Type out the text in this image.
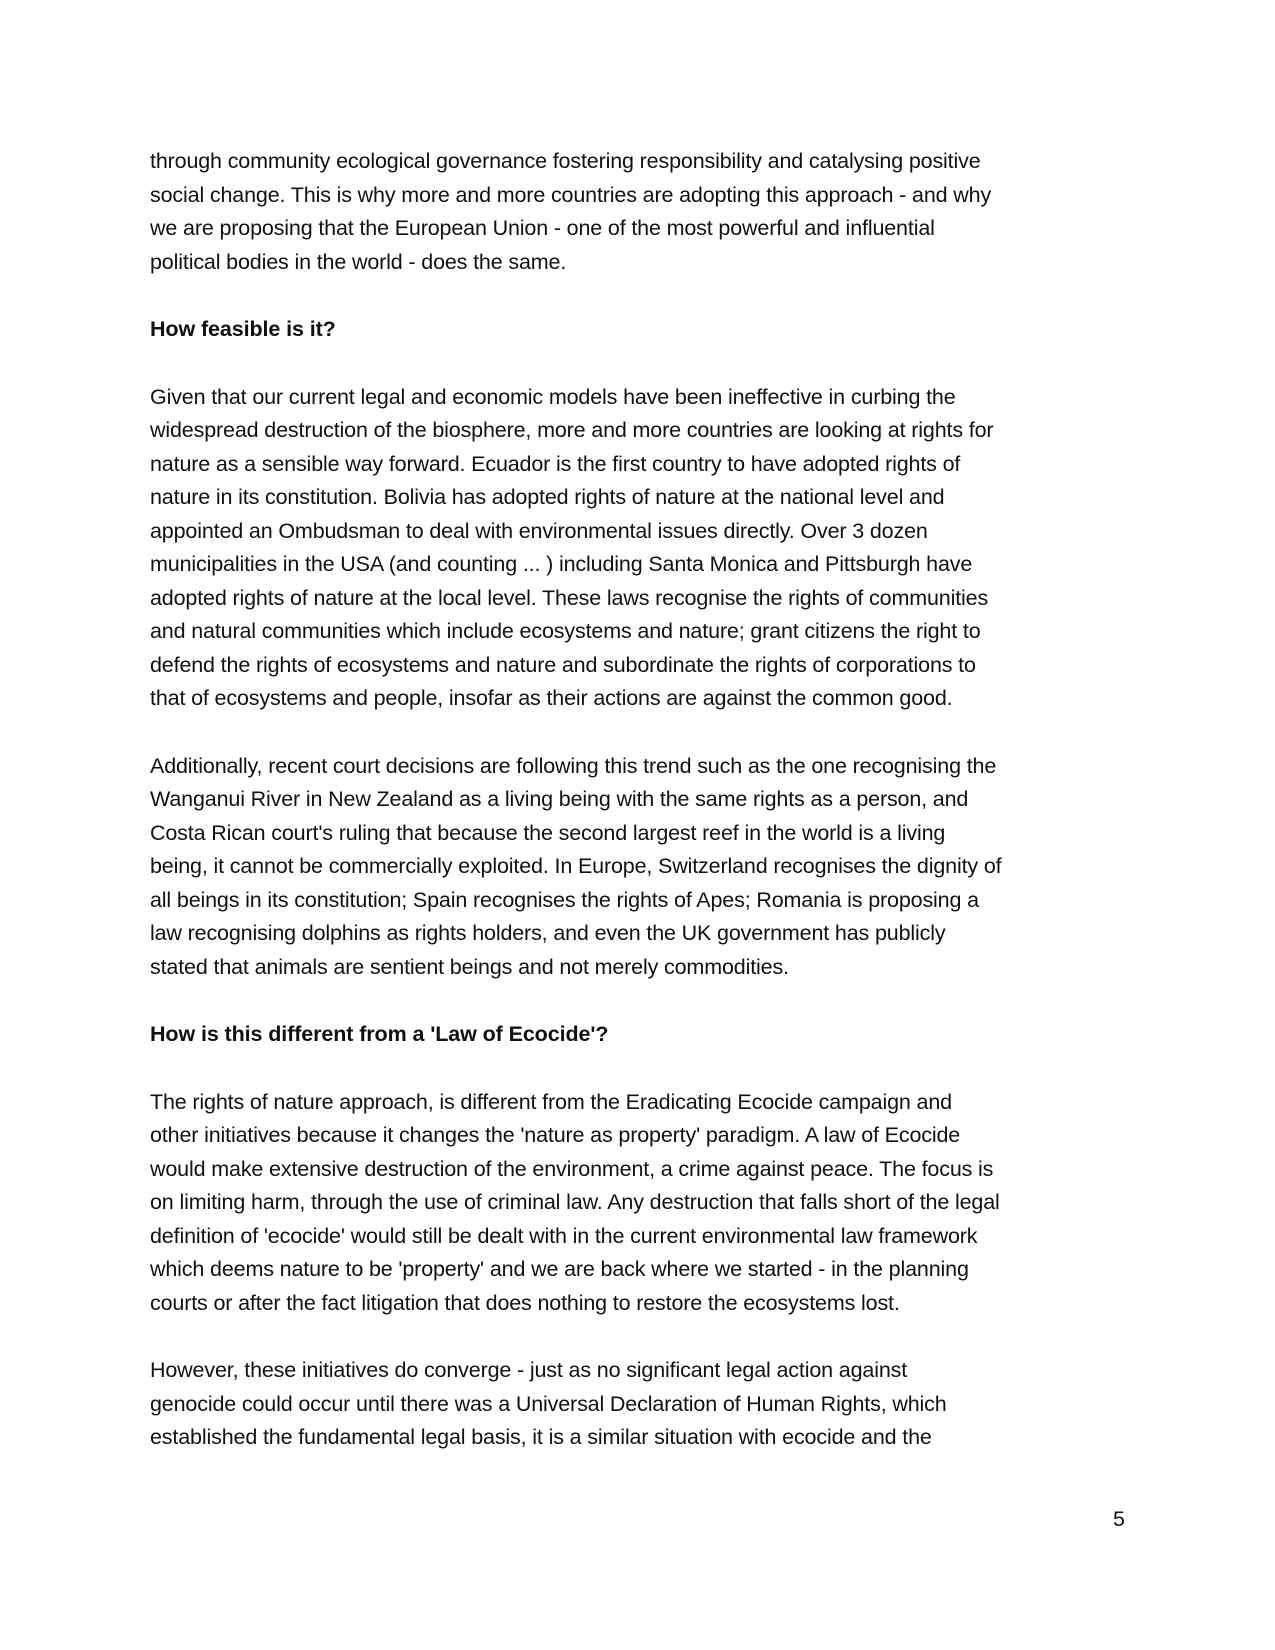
through community ecological governance fostering responsibility and catalysing positive
social change. This is why more and more countries are adopting this approach - and why
we are proposing that the European Union - one of the most powerful and influential
political bodies in the world - does the same.

How feasible is it?

Given that our current legal and economic models have been ineffective in curbing the
widespread destruction of the biosphere, more and more countries are looking at rights for
nature as a sensible way forward. Ecuador is the first country to have adopted rights of
nature in its constitution. Bolivia has adopted rights of nature at the national level and
appointed an Ombudsman to deal with environmental issues directly. Over 3 dozen
municipalities in the USA (and counting ... ) including Santa Monica and Pittsburgh have
adopted rights of nature at the local level. These laws recognise the rights of communities
and natural communities which include ecosystems and nature; grant citizens the right to
defend the rights of ecosystems and nature and subordinate the rights of corporations to
that of ecosystems and people, insofar as their actions are against the common good.

Additionally, recent court decisions are following this trend such as the one recognising the
Wanganui River in New Zealand as a living being with the same rights as a person, and
Costa Rican court's ruling that because the second largest reef in the world is a living
being, it cannot be commercially exploited. In Europe, Switzerland recognises the dignity of
all beings in its constitution; Spain recognises the rights of Apes; Romania is proposing a
law recognising dolphins as rights holders, and even the UK government has publicly
stated that animals are sentient beings and not merely commodities.

How is this different from a 'Law of Ecocide'?

The rights of nature approach, is different from the Eradicating Ecocide campaign and
other initiatives because it changes the 'nature as property' paradigm. A law of Ecocide
would make extensive destruction of the environment, a crime against peace. The focus is
on limiting harm, through the use of criminal law. Any destruction that falls short of the legal
definition of 'ecocide' would still be dealt with in the current environmental law framework
which deems nature to be 'property' and we are back where we started - in the planning
courts or after the fact litigation that does nothing to restore the ecosystems lost.

However, these initiatives do converge - just as no significant legal action against
genocide could occur until there was a Universal Declaration of Human Rights, which
established the fundamental legal basis, it is a similar situation with ecocide and the

5
